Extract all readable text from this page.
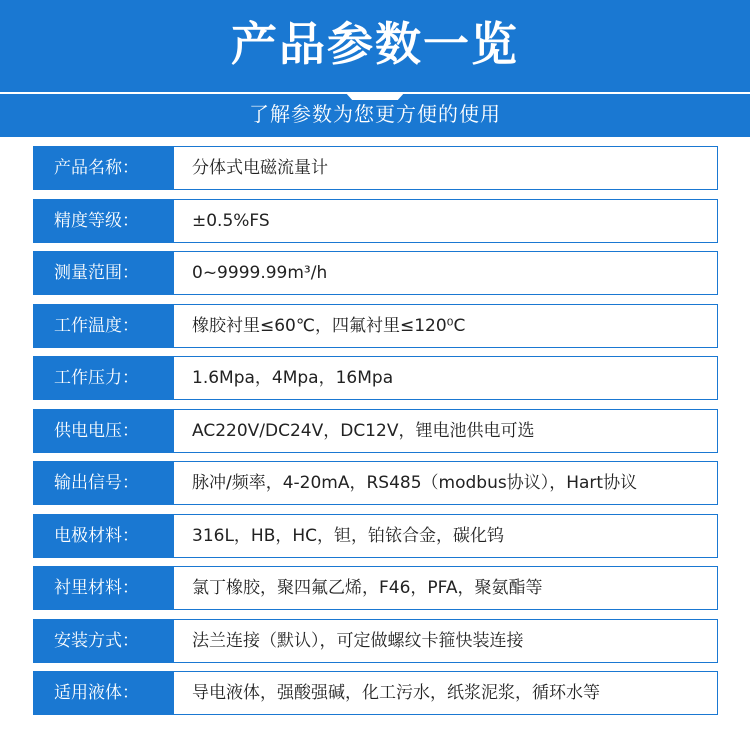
产品参数一览
了解参数为您更方便的使用
产品名称：	分体式电磁流量计
精度等级：	±0.5%FS
测量范围：	0~9999.99m³/h
工作温度：	橡胶衬里≤60℃，四氟衬里≤120⁰C
工作压力：	1.6Mpa，4Mpa，16Mpa
供电电压：	AC220V/DC24V，DC12V，锂电池供电可选
输出信号：	脉冲/频率，4-20mA，RS485（modbus协议），Hart协议
电极材料：	316L，HB，HC，钽，铂铱合金，碳化钨
衬里材料：	氯丁橡胶，聚四氟乙烯，F46，PFA，聚氨酯等
安装方式：	法兰连接（默认），可定做螺纹卡箍快装连接
适用液体：	导电液体，强酸强碱，化工污水，纸浆泥浆，循环水等
